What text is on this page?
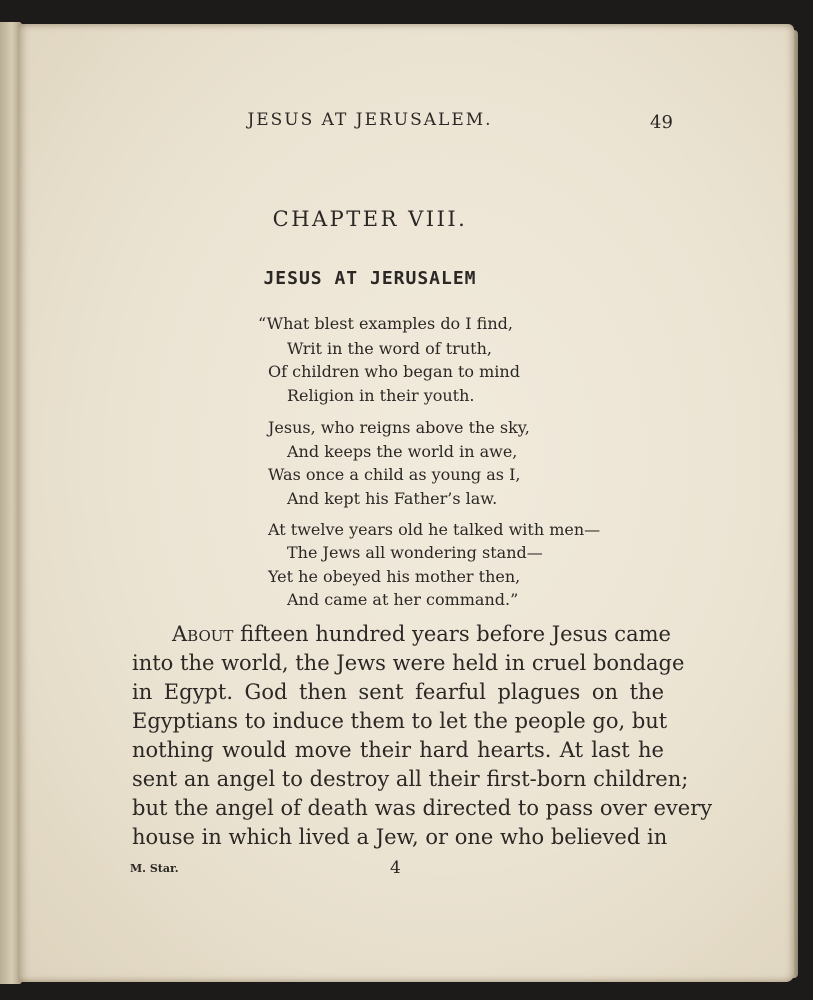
JESUS AT JERUSALEM.	49
CHAPTER VIII.
JESUS AT JERUSALEM
“What blest examples do I find,
Writ in the word of truth,
Of children who began to mind
Religion in their youth.
Jesus, who reigns above the sky,
And keeps the world in awe,
Was once a child as young as I,
And kept his Father’s law.
At twelve years old he talked with men—
The Jews all wondering stand—
Yet he obeyed his mother then,
And came at her command.”
About fifteen hundred years before Jesus came
into the world, the Jews were held in cruel bondage
in Egypt. God then sent fearful plagues on the
Egyptians to induce them to let the people go, but
nothing would move their hard hearts. At last he
sent an angel to destroy all their first-born children;
but the angel of death was directed to pass over every
house in which lived a Jew, or one who believed in
M. Star.	4
